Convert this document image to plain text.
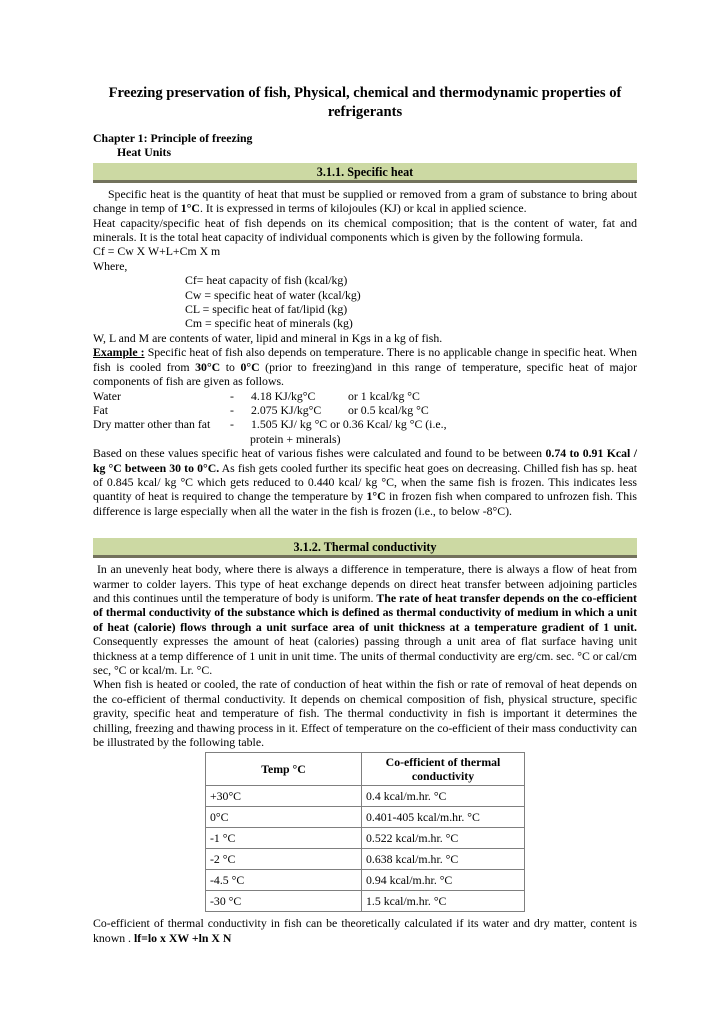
Freezing preservation of fish, Physical, chemical and thermodynamic properties of refrigerants
Chapter 1: Principle of freezing
Heat Units
3.1.1. Specific heat

Specific heat is the quantity of heat that must be supplied or removed from a gram of substance to bring about change in temp of 1°C. It is expressed in terms of kilojoules (KJ) or kcal in applied science.

Heat capacity/specific heat of fish depends on its chemical composition; that is the content of water, fat and minerals. It is the total heat capacity of individual components which is given by the following formula.

Cf = Cw X W+L+Cm X m
Where,
Cf= heat capacity of fish (kcal/kg)
Cw = specific heat of water (kcal/kg)
CL = specific heat of fat/lipid (kg)
Cm = specific heat of minerals (kg)
W, L and M are contents of water, lipid and mineral in Kgs in a kg of fish.

Example : Specific heat of fish also depends on temperature. There is no applicable change in specific heat. When fish is cooled from 30°C to 0°C (prior to freezing)and in this range of temperature, specific heat of major components of fish are given as follows.

Water	-	4.18 KJ/kg°C	or 1 kcal/kg °C
Fat	-	2.075 KJ/kg°C	or 0.5 kcal/kg °C
Dry matter other than fat	-	1.505 KJ/ kg °C or 0.36 Kcal/ kg °C (i.e.,
protein + minerals)

Based on these values specific heat of various fishes were calculated and found to be between 0.74 to 0.91 Kcal / kg °C between 30 to 0°C. As fish gets cooled further its specific heat goes on decreasing. Chilled fish has sp. heat of 0.845 kcal/ kg °C which gets reduced to 0.440 kcal/ kg °C, when the same fish is frozen. This indicates less quantity of heat is required to change the temperature by 1°C in frozen fish when compared to unfrozen fish. This difference is large especially when all the water in the fish is frozen (i.e., to below -8°C).

3.1.2. Thermal conductivity

In an unevenly heat body, where there is always a difference in temperature, there is always a flow of heat from warmer to colder layers. This type of heat exchange depends on direct heat transfer between adjoining particles and this continues until the temperature of body is uniform. The rate of heat transfer depends on the co-efficient of thermal conductivity of the substance which is defined as thermal conductivity of medium in which a unit of heat (calorie) flows through a unit surface area of unit thickness at a temperature gradient of 1 unit. Consequently expresses the amount of heat (calories) passing through a unit area of flat surface having unit thickness at a temp difference of 1 unit in unit time. The units of thermal conductivity are erg/cm. sec. °C or cal/cm sec, °C or kcal/m. Lr. °C.

When fish is heated or cooled, the rate of conduction of heat within the fish or rate of removal of heat depends on the co-efficient of thermal conductivity. It depends on chemical composition of fish, physical structure, specific gravity, specific heat and temperature of fish. The thermal conductivity in fish is important it determines the chilling, freezing and thawing process in it. Effect of temperature on the co-efficient of their mass conductivity can be illustrated by the following table.

Temp °C	Co-efficient of thermal conductivity
+30°C	0.4 kcal/m.hr. °C
0°C	0.401-405 kcal/m.hr. °C
-1 °C	0.522 kcal/m.hr. °C
-2 °C	0.638 kcal/m.hr. °C
-4.5 °C	0.94 kcal/m.hr. °C
-30 °C	1.5 kcal/m.hr. °C

Co-efficient of thermal conductivity in fish can be theoretically calculated if its water and dry matter, content is known . lf=lo x XW +ln X N
